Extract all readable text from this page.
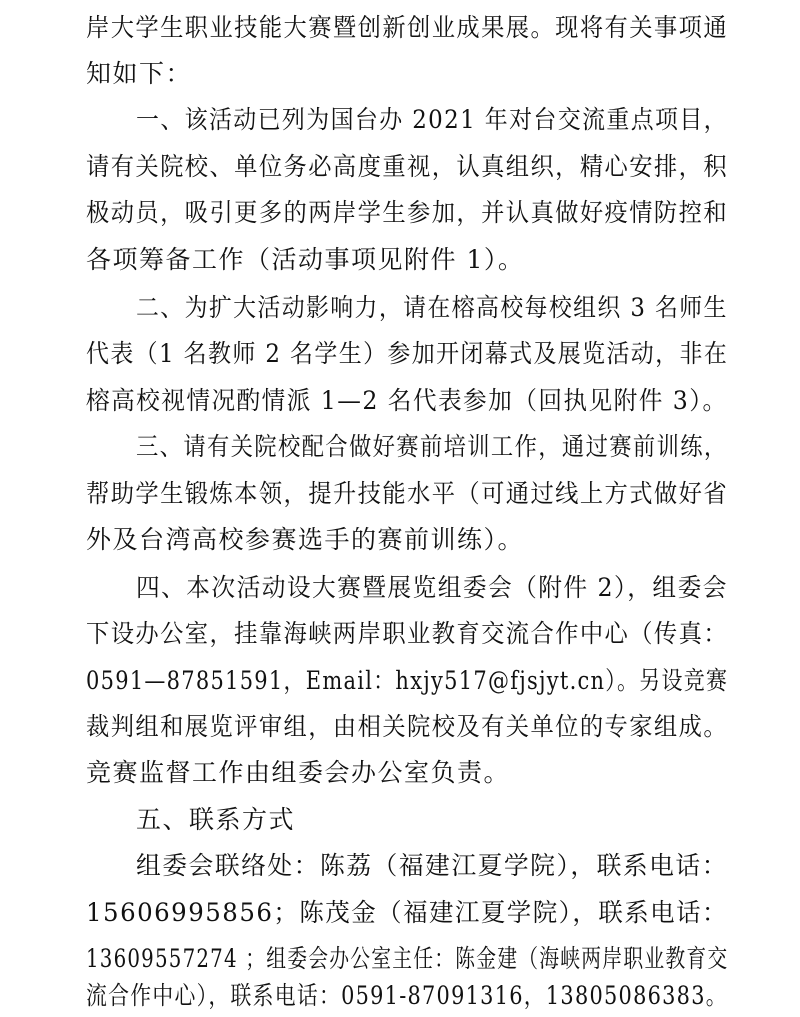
岸大学生职业技能大赛暨创新创业成果展。现将有关事项通
知如下：
一、该活动已列为国台办 2021 年对台交流重点项目，
请有关院校、单位务必高度重视，认真组织，精心安排，积
极动员，吸引更多的两岸学生参加，并认真做好疫情防控和
各项筹备工作（活动事项见附件 1）。
二、为扩大活动影响力，请在榕高校每校组织 3 名师生
代表（1 名教师 2 名学生）参加开闭幕式及展览活动，非在
榕高校视情况酌情派 1—2 名代表参加（回执见附件 3）。
三、请有关院校配合做好赛前培训工作，通过赛前训练，
帮助学生锻炼本领，提升技能水平（可通过线上方式做好省
外及台湾高校参赛选手的赛前训练）。
四、本次活动设大赛暨展览组委会（附件 2），组委会
下设办公室，挂靠海峡两岸职业教育交流合作中心（传真：
0591—87851591，Email：hxjy517@fjsjyt.cn）。另设竞赛
裁判组和展览评审组，由相关院校及有关单位的专家组成。
竞赛监督工作由组委会办公室负责。
五、联系方式
组委会联络处：陈荔（福建江夏学院），联系电话：
15606995856；陈茂金（福建江夏学院），联系电话：
13609557274 ；组委会办公室主任：陈金建（海峡两岸职业教育交
流合作中心），联系电话：0591-87091316，13805086383。
